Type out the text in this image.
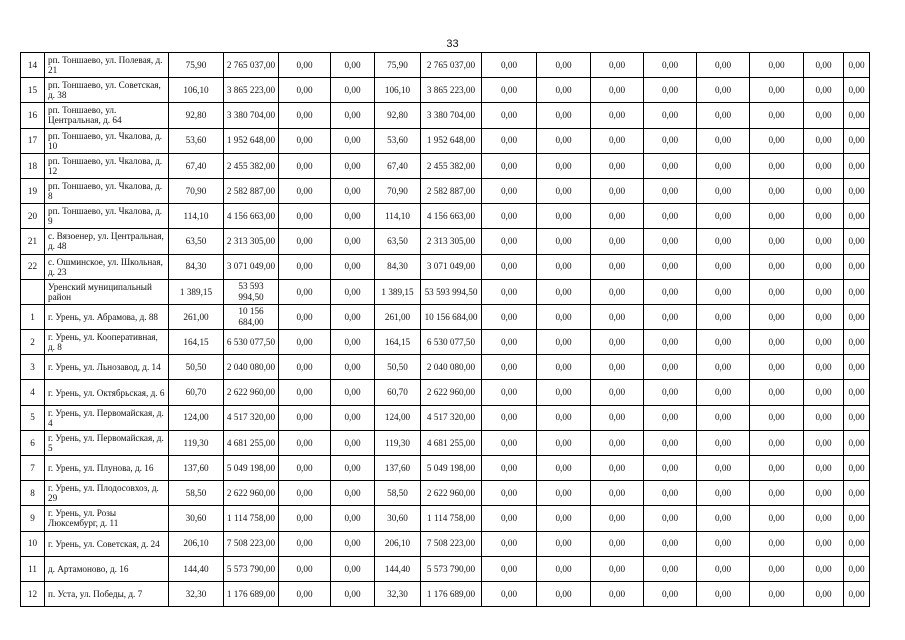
33
14	рп. Тоншаево, ул. Полевая, д. 21	75,90	2 765 037,00	0,00	0,00	75,90	2 765 037,00	0,00	0,00	0,00	0,00	0,00	0,00	0,00	0,00
15	рп. Тоншаево, ул. Советская, д. 38	106,10	3 865 223,00	0,00	0,00	106,10	3 865 223,00	0,00	0,00	0,00	0,00	0,00	0,00	0,00	0,00
16	рп. Тоншаево, ул. Центральная, д. 64	92,80	3 380 704,00	0,00	0,00	92,80	3 380 704,00	0,00	0,00	0,00	0,00	0,00	0,00	0,00	0,00
17	рп. Тоншаево, ул. Чкалова, д. 10	53,60	1 952 648,00	0,00	0,00	53,60	1 952 648,00	0,00	0,00	0,00	0,00	0,00	0,00	0,00	0,00
18	рп. Тоншаево, ул. Чкалова, д. 12	67,40	2 455 382,00	0,00	0,00	67,40	2 455 382,00	0,00	0,00	0,00	0,00	0,00	0,00	0,00	0,00
19	рп. Тоншаево, ул. Чкалова, д. 8	70,90	2 582 887,00	0,00	0,00	70,90	2 582 887,00	0,00	0,00	0,00	0,00	0,00	0,00	0,00	0,00
20	рп. Тоншаево, ул. Чкалова, д. 9	114,10	4 156 663,00	0,00	0,00	114,10	4 156 663,00	0,00	0,00	0,00	0,00	0,00	0,00	0,00	0,00
21	с. Вязоенер, ул. Центральная, д. 48	63,50	2 313 305,00	0,00	0,00	63,50	2 313 305,00	0,00	0,00	0,00	0,00	0,00	0,00	0,00	0,00
22	с. Ошминское, ул. Школьная, д. 23	84,30	3 071 049,00	0,00	0,00	84,30	3 071 049,00	0,00	0,00	0,00	0,00	0,00	0,00	0,00	0,00
	Уренский муниципальный район	1 389,15	53 593 994,50	0,00	0,00	1 389,15	53 593 994,50	0,00	0,00	0,00	0,00	0,00	0,00	0,00	0,00
1	г. Урень, ул. Абрамова, д. 88	261,00	10 156 684,00	0,00	0,00	261,00	10 156 684,00	0,00	0,00	0,00	0,00	0,00	0,00	0,00	0,00
2	г. Урень, ул. Кооперативная, д. 8	164,15	6 530 077,50	0,00	0,00	164,15	6 530 077,50	0,00	0,00	0,00	0,00	0,00	0,00	0,00	0,00
3	г. Урень, ул. Льнозавод, д. 14	50,50	2 040 080,00	0,00	0,00	50,50	2 040 080,00	0,00	0,00	0,00	0,00	0,00	0,00	0,00	0,00
4	г. Урень, ул. Октябрьская, д. 6	60,70	2 622 960,00	0,00	0,00	60,70	2 622 960,00	0,00	0,00	0,00	0,00	0,00	0,00	0,00	0,00
5	г. Урень, ул. Первомайская, д. 4	124,00	4 517 320,00	0,00	0,00	124,00	4 517 320,00	0,00	0,00	0,00	0,00	0,00	0,00	0,00	0,00
6	г. Урень, ул. Первомайская, д. 5	119,30	4 681 255,00	0,00	0,00	119,30	4 681 255,00	0,00	0,00	0,00	0,00	0,00	0,00	0,00	0,00
7	г. Урень, ул. Плунова, д. 16	137,60	5 049 198,00	0,00	0,00	137,60	5 049 198,00	0,00	0,00	0,00	0,00	0,00	0,00	0,00	0,00
8	г. Урень, ул. Плодосовхоз, д. 29	58,50	2 622 960,00	0,00	0,00	58,50	2 622 960,00	0,00	0,00	0,00	0,00	0,00	0,00	0,00	0,00
9	г. Урень, ул. Розы Люксембург, д. 11	30,60	1 114 758,00	0,00	0,00	30,60	1 114 758,00	0,00	0,00	0,00	0,00	0,00	0,00	0,00	0,00
10	г. Урень, ул. Советская, д. 24	206,10	7 508 223,00	0,00	0,00	206,10	7 508 223,00	0,00	0,00	0,00	0,00	0,00	0,00	0,00	0,00
11	д. Артамоново, д. 16	144,40	5 573 790,00	0,00	0,00	144,40	5 573 790,00	0,00	0,00	0,00	0,00	0,00	0,00	0,00	0,00
12	п. Уста, ул. Победы, д. 7	32,30	1 176 689,00	0,00	0,00	32,30	1 176 689,00	0,00	0,00	0,00	0,00	0,00	0,00	0,00	0,00
